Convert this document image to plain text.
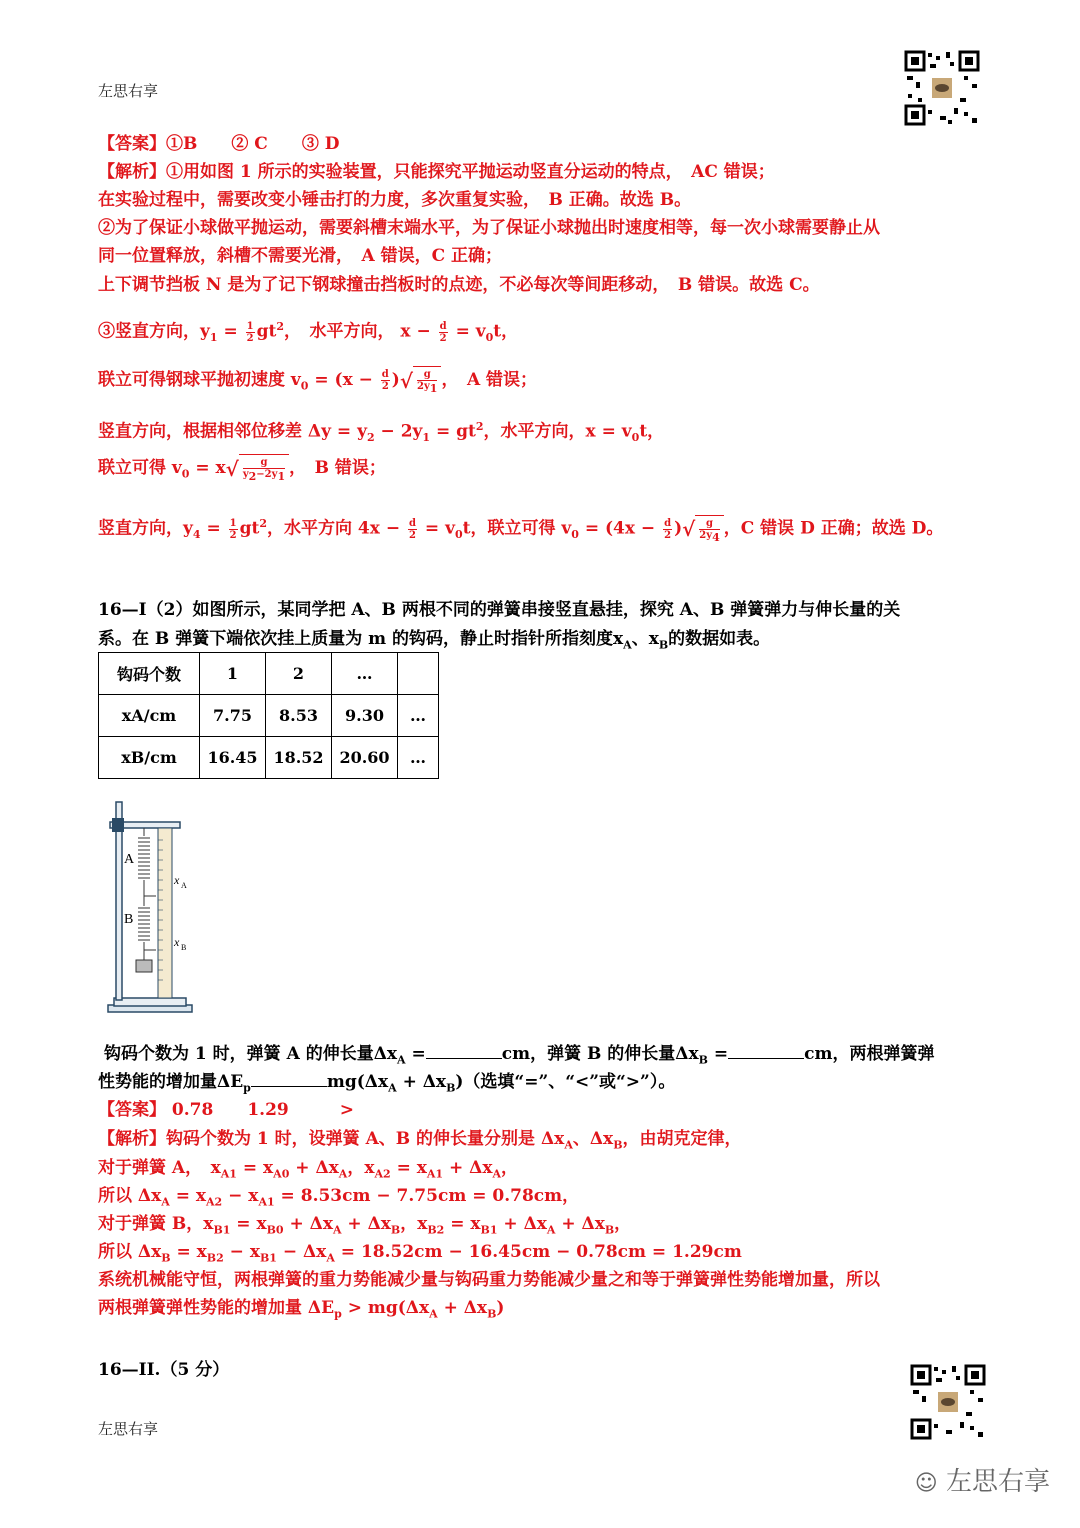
左思右享
左思右享
【答案】①B　　② C　　③ D
【解析】①用如图 1 所示的实验装置，只能探究平抛运动竖直分运动的特点，　AC 错误；
在实验过程中，需要改变小锤击打的力度，多次重复实验，　B 正确。故选 B。
②为了保证小球做平抛运动，需要斜槽末端水平，为了保证小球抛出时速度相等，每一次小球需要静止从
同一位置释放，斜槽不需要光滑，　A 错误，C 正确；
上下调节挡板 N 是为了记下钢球撞击挡板时的点迹，不必每次等间距移动，　B 错误。故选 C。
③竖直方向，$y_1 = \frac{1}{2} gt^2$，　水平方向， $x - \frac{d}{2} = v_0t$，
联立可得钢球平抛初速度 $v_0 = (x - \frac{d}{2}$ )√ $\frac{g}{2y_1}$ ，　A 错误；
竖直方向，根据相邻位移差 $\Delta y = y_2 - 2y_1 = gt^2$，水平方向，$x = v_0t$，
联立可得 $v_0 = x√ \frac{g}{y_2-2y_1}$ ，　B 错误；
竖直方向，$y_4 = \frac{1}{2} gt^2$，水平方向 $4x - \frac{d}{2} = v_0t$，联立可得 $v_0 = (4x - \frac{d}{2}$ )√ $\frac{g}{2y_4}$ ，C 错误 D 正确；故选 D。
16—I（2）如图所示，某同学把 A、B 两根不同的弹簧串接竖直悬挂，探究 A、B 弹簧弹力与伸长量的关
系。在 B 弹簧下端依次挂上质量为 m 的钩码，静止时指针所指刻度$x_A$、$x_B$的数据如表。
钩码个数	1	2	…	
xA/cm	7.75	8.53	9.30	…
xB/cm	16.45	18.52	20.60	…
A
B
x A
x B
钩码个数为 1 时，弹簧 A 的伸长量$\Delta x_A$ =	cm，弹簧 B 的伸长量$\Delta x_B$ =	cm，两根弹簧弹
性势能的增加量$\Delta E_p$	$mg(\Delta x_A + \Delta x_B)$（选填“=”、“<”或“>”）。
【答案】 0.78　　1.29　　　>
【解析】钩码个数为 1 时，设弹簧 A、B 的伸长量分别是 $\Delta x_A$、$\Delta x_B$，由胡克定律，
对于弹簧 A，　$x_{A1} = x_{A0} + \Delta x_A$，$x_{A2} = x_{A1} + \Delta x_A$，
所以 $\Delta x_A = x_{A2} - x_{A1} = 8.53cm - 7.75cm = 0.78cm$，
对于弹簧 B，$x_{B1} = x_{B0} + \Delta x_A + \Delta x_B$，$x_{B2} = x_{B1} + \Delta x_A + \Delta x_B$，
所以 $\Delta x_B = x_{B2} - x_{B1} - \Delta x_A = 18.52cm - 16.45cm - 0.78cm = 1.29cm$
系统机械能守恒，两根弹簧的重力势能减少量与钩码重力势能减少量之和等于弹簧弹性势能增加量，所以
两根弹簧弹性势能的增加量 $\Delta E_p > mg(\Delta x_A + \Delta x_B)$
16—II.（5 分）
☺ 左思右享
